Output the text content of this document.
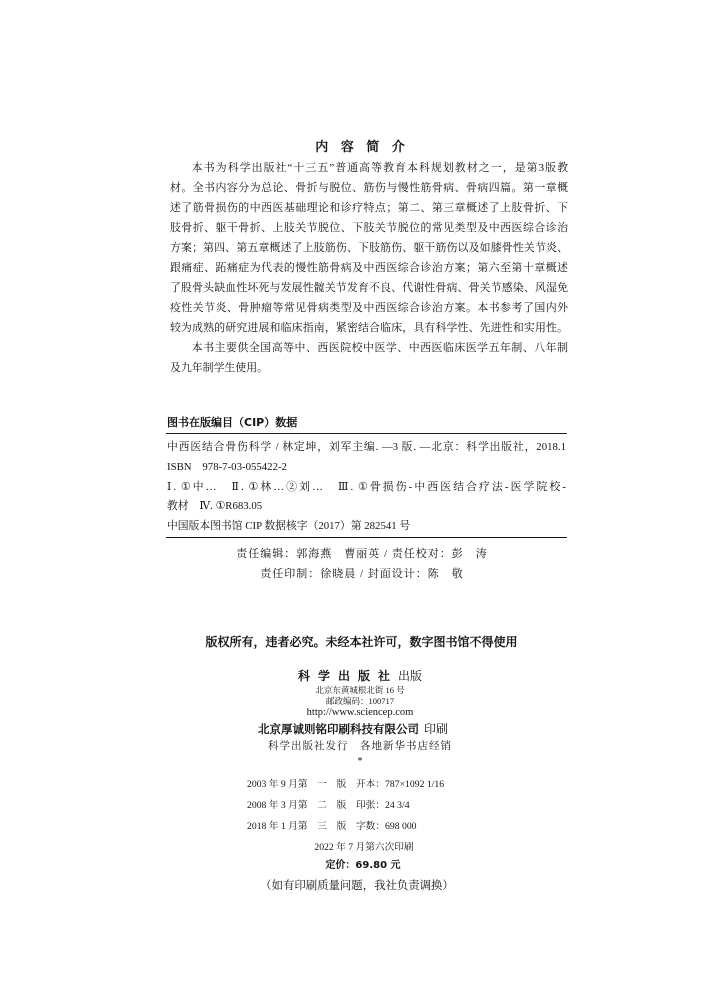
内 容 简 介
本书为科学出版社“十三五”普通高等教育本科规划教材之一，是第3版教
材。全书内容分为总论、骨折与脱位、筋伤与慢性筋骨病、骨病四篇。第一章概
述了筋骨损伤的中西医基础理论和诊疗特点；第二、第三章概述了上肢骨折、下
肢骨折、躯干骨折、上肢关节脱位、下肢关节脱位的常见类型及中西医综合诊治
方案；第四、第五章概述了上肢筋伤、下肢筋伤、躯干筋伤以及如膝骨性关节炎、
跟痛症、跖痛症为代表的慢性筋骨病及中西医综合诊治方案；第六至第十章概述
了股骨头缺血性坏死与发展性髋关节发育不良、代谢性骨病、骨关节感染、风湿免
疫性关节炎、骨肿瘤等常见骨病类型及中西医综合诊治方案。本书参考了国内外
较为成熟的研究进展和临床指南，紧密结合临床，具有科学性、先进性和实用性。
本书主要供全国高等中、西医院校中医学、中西医临床医学五年制、八年制
及九年制学生使用。
图书在版编目（CIP）数据
中西医结合骨伤科学 / 林定坤，刘军主编. —3 版. —北京：科学出版社，2018.1
ISBN　978-7-03-055422-2
Ⅰ. ①中…　Ⅱ. ①林…②刘…　Ⅲ. ①骨损伤-中西医结合疗法-医学院校-
教材　Ⅳ. ①R683.05
中国版本图书馆 CIP 数据核字（2017）第 282541 号
责任编辑：郭海燕　曹丽英 / 责任校对：彭　涛
责任印制：徐晓晨 / 封面设计：陈　敬
版权所有，违者必究。未经本社许可，数字图书馆不得使用
科学出版社出版
北京东黄城根北街 16 号
邮政编码：100717
http://www.sciencep.com
北京厚诚则铭印刷科技有限公司 印刷
科学出版社发行　各地新华书店经销
*
2003 年 9 月第　一　版　开本：787×1092 1/16
2008 年 3 月第　二　版　印张：24 3/4
2018 年 1 月第　三　版　字数：698 000
2022 年 7 月第六次印刷
定价：69.80 元
（如有印刷质量问题，我社负责调换）
